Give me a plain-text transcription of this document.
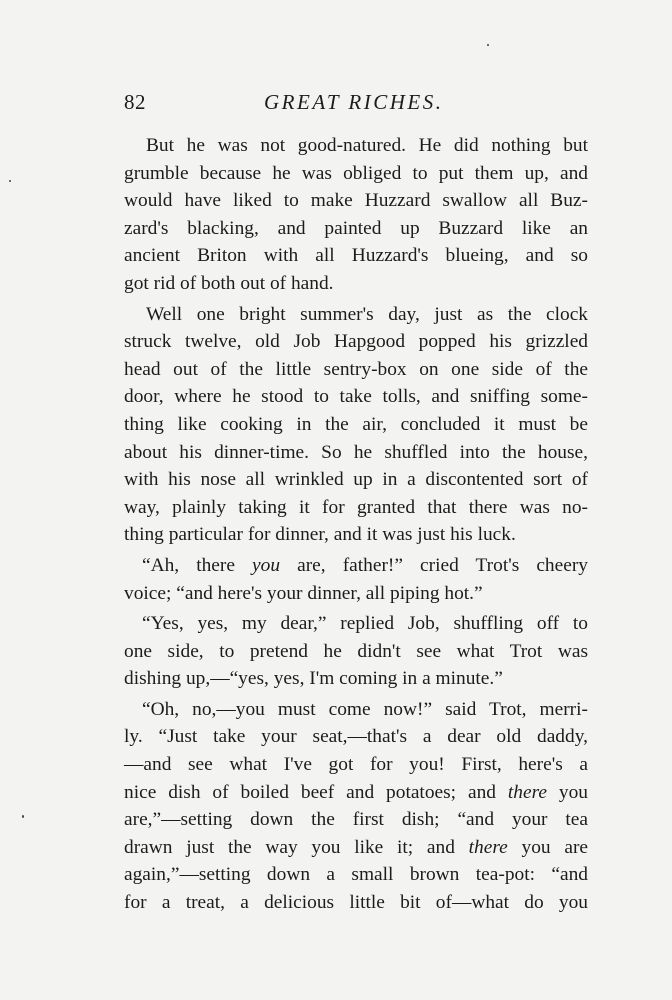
82	GREAT RICHES.
But he was not good-natured. He did nothing but
grumble because he was obliged to put them up, and
would have liked to make Huzzard swallow all Buz-
zard's blacking, and painted up Buzzard like an
ancient Briton with all Huzzard's blueing, and so
got rid of both out of hand.
Well one bright summer's day, just as the clock
struck twelve, old Job Hapgood popped his grizzled
head out of the little sentry-box on one side of the
door, where he stood to take tolls, and sniffing some-
thing like cooking in the air, concluded it must be
about his dinner-time. So he shuffled into the house,
with his nose all wrinkled up in a discontented sort of
way, plainly taking it for granted that there was no-
thing particular for dinner, and it was just his luck.
“Ah, there you are, father!” cried Trot's cheery
voice; “and here's your dinner, all piping hot.”
“Yes, yes, my dear,” replied Job, shuffling off to
one side, to pretend he didn't see what Trot was
dishing up,—“yes, yes, I'm coming in a minute.”
“Oh, no,—you must come now!” said Trot, merri-
ly. “Just take your seat,—that's a dear old daddy,
—and see what I've got for you! First, here's a
nice dish of boiled beef and potatoes; and there you
are,”—setting down the first dish; “and your tea
drawn just the way you like it; and there you are
again,”—setting down a small brown tea-pot: “and
for a treat, a delicious little bit of—what do you
